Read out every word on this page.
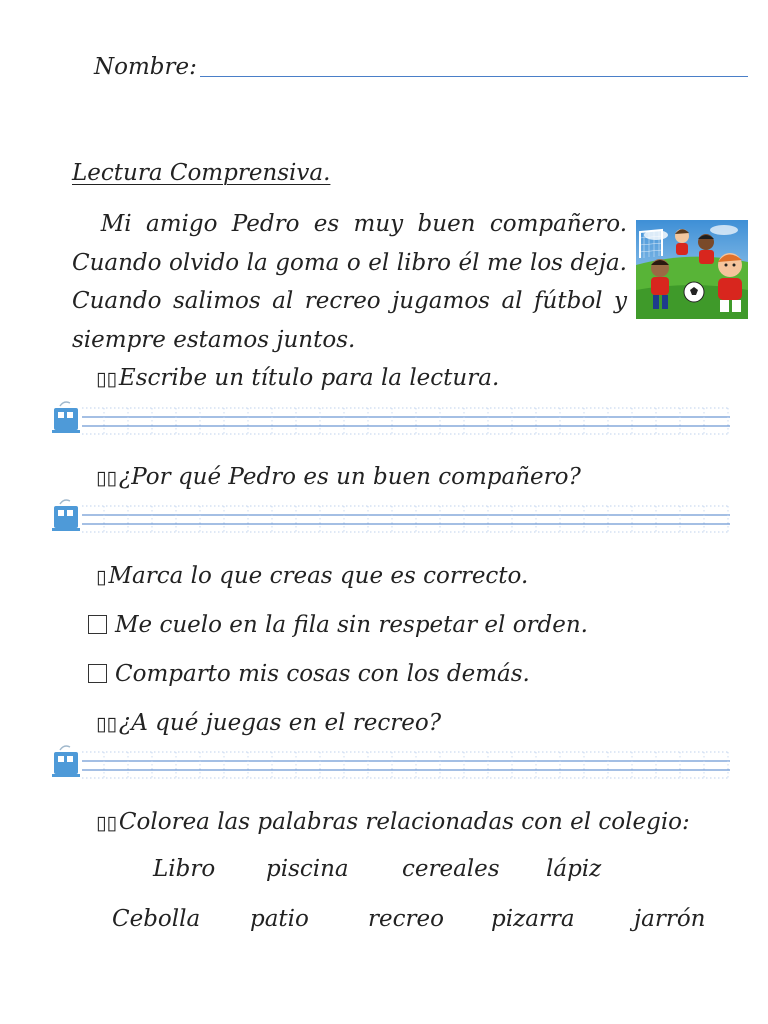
Nombre:
Lectura Comprensiva.

Mi amigo Pedro es muy buen compañero. Cuando olvido la goma o el libro él me los deja. Cuando salimos al recreo jugamos al fútbol y siempre estamos juntos.

▯▯Escribe un título para la lectura.
▯▯¿Por qué Pedro es un buen compañero?
▯Marca lo que creas que es correcto.
Me cuelo en la fila sin respetar el orden.
Comparto mis cosas con los demás.
▯▯¿A qué juegas en el recreo?
▯▯Colorea las palabras relacionadas con el colegio:
Libro piscina cereales lápiz
Cebolla patio	recreo pizarra	jarrón
